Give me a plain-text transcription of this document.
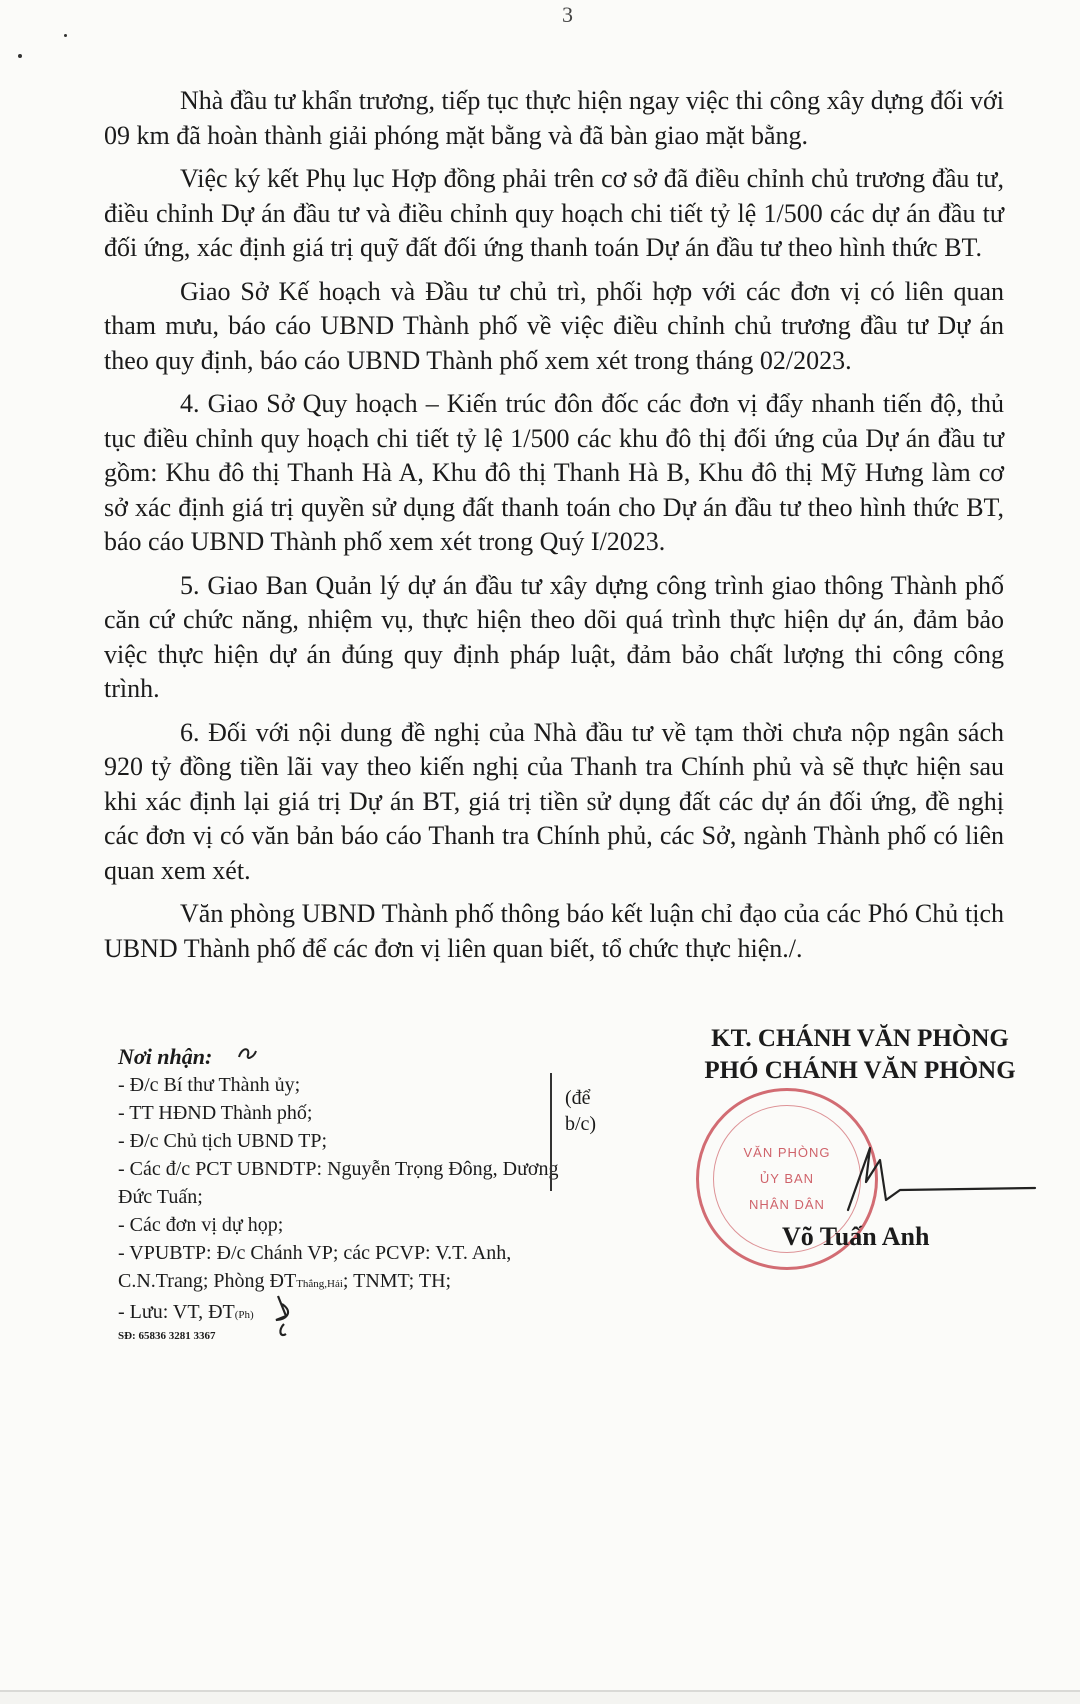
3

Nhà đầu tư khẩn trương, tiếp tục thực hiện ngay việc thi công xây dựng đối với 09 km đã hoàn thành giải phóng mặt bằng và đã bàn giao mặt bằng.

Việc ký kết Phụ lục Hợp đồng phải trên cơ sở đã điều chỉnh chủ trương đầu tư, điều chỉnh Dự án đầu tư và điều chỉnh quy hoạch chi tiết tỷ lệ 1/500 các dự án đầu tư đối ứng, xác định giá trị quỹ đất đối ứng thanh toán Dự án đầu tư theo hình thức BT.

Giao Sở Kế hoạch và Đầu tư chủ trì, phối hợp với các đơn vị có liên quan tham mưu, báo cáo UBND Thành phố về việc điều chỉnh chủ trương đầu tư Dự án theo quy định, báo cáo UBND Thành phố xem xét trong tháng 02/2023.

4. Giao Sở Quy hoạch – Kiến trúc đôn đốc các đơn vị đẩy nhanh tiến độ, thủ tục điều chỉnh quy hoạch chi tiết tỷ lệ 1/500 các khu đô thị đối ứng của Dự án đầu tư gồm: Khu đô thị Thanh Hà A, Khu đô thị Thanh Hà B, Khu đô thị Mỹ Hưng làm cơ sở xác định giá trị quyền sử dụng đất thanh toán cho Dự án đầu tư theo hình thức BT, báo cáo UBND Thành phố xem xét trong Quý I/2023.

5. Giao Ban Quản lý dự án đầu tư xây dựng công trình giao thông Thành phố căn cứ chức năng, nhiệm vụ, thực hiện theo dõi quá trình thực hiện dự án, đảm bảo việc thực hiện dự án đúng quy định pháp luật, đảm bảo chất lượng thi công công trình.

6. Đối với nội dung đề nghị của Nhà đầu tư về tạm thời chưa nộp ngân sách 920 tỷ đồng tiền lãi vay theo kiến nghị của Thanh tra Chính phủ và sẽ thực hiện sau khi xác định lại giá trị Dự án BT, giá trị tiền sử dụng đất các dự án đối ứng, đề nghị các đơn vị có văn bản báo cáo Thanh tra Chính phủ, các Sở, ngành Thành phố có liên quan xem xét.

Văn phòng UBND Thành phố thông báo kết luận chỉ đạo của các Phó Chủ tịch UBND Thành phố để các đơn vị liên quan biết, tổ chức thực hiện./.

Nơi nhận:
- Đ/c Bí thư Thành ủy;
- TT HĐND Thành phố;
- Đ/c Chủ tịch UBND TP;
- Các đ/c PCT UBNDTP: Nguyễn Trọng Đông, Dương Đức Tuấn;
- Các đơn vị dự họp;
- VPUBTP: Đ/c Chánh VP; các PCVP: V.T. Anh, C.N.Trang; Phòng ĐTThắng,Hải; TNMT; TH;
- Lưu: VT, ĐT(Ph)
SĐ: 65836 3281 3367
(để
b/c)
KT. CHÁNH VĂN PHÒNG
PHÓ CHÁNH VĂN PHÒNG
VĂN PHÒNG
ỦY BAN
NHÂN DÂN
Võ Tuấn Anh
